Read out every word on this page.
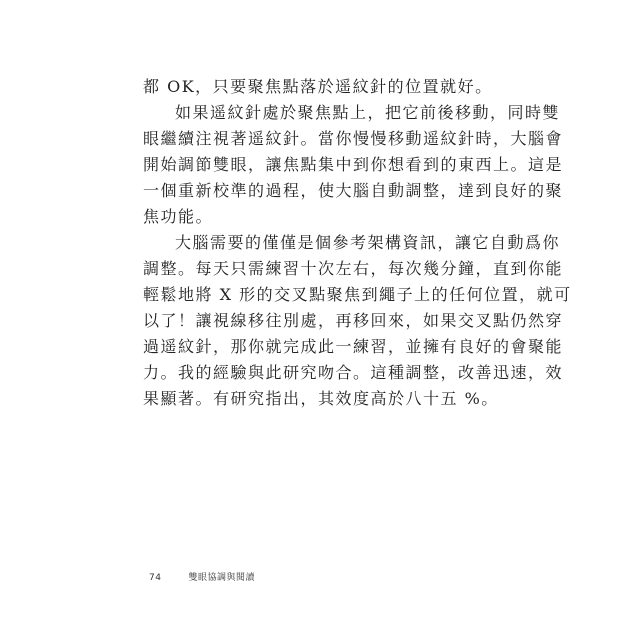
都 OK，只要聚焦點落於遥紋針的位置就好。

如果遥紋針處於聚焦點上，把它前後移動，同時雙
眼繼續注視著遥紋針。當你慢慢移動遥紋針時，大腦會
開始調節雙眼，讓焦點集中到你想看到的東西上。這是
一個重新校準的過程，使大腦自動調整，達到良好的聚
焦功能。

大腦需要的僅僅是個參考架構資訊，讓它自動爲你
調整。每天只需練習十次左右，每次幾分鐘，直到你能
輕鬆地將 X 形的交叉點聚焦到繩子上的任何位置，就可
以了！讓視線移往別處，再移回來，如果交叉點仍然穿
過遥紋針，那你就完成此一練習，並擁有良好的會聚能
力。我的經驗與此研究吻合。這種調整，改善迅速，效
果顯著。有研究指出，其效度高於八十五 %。

74	雙眼協調與閱讀
